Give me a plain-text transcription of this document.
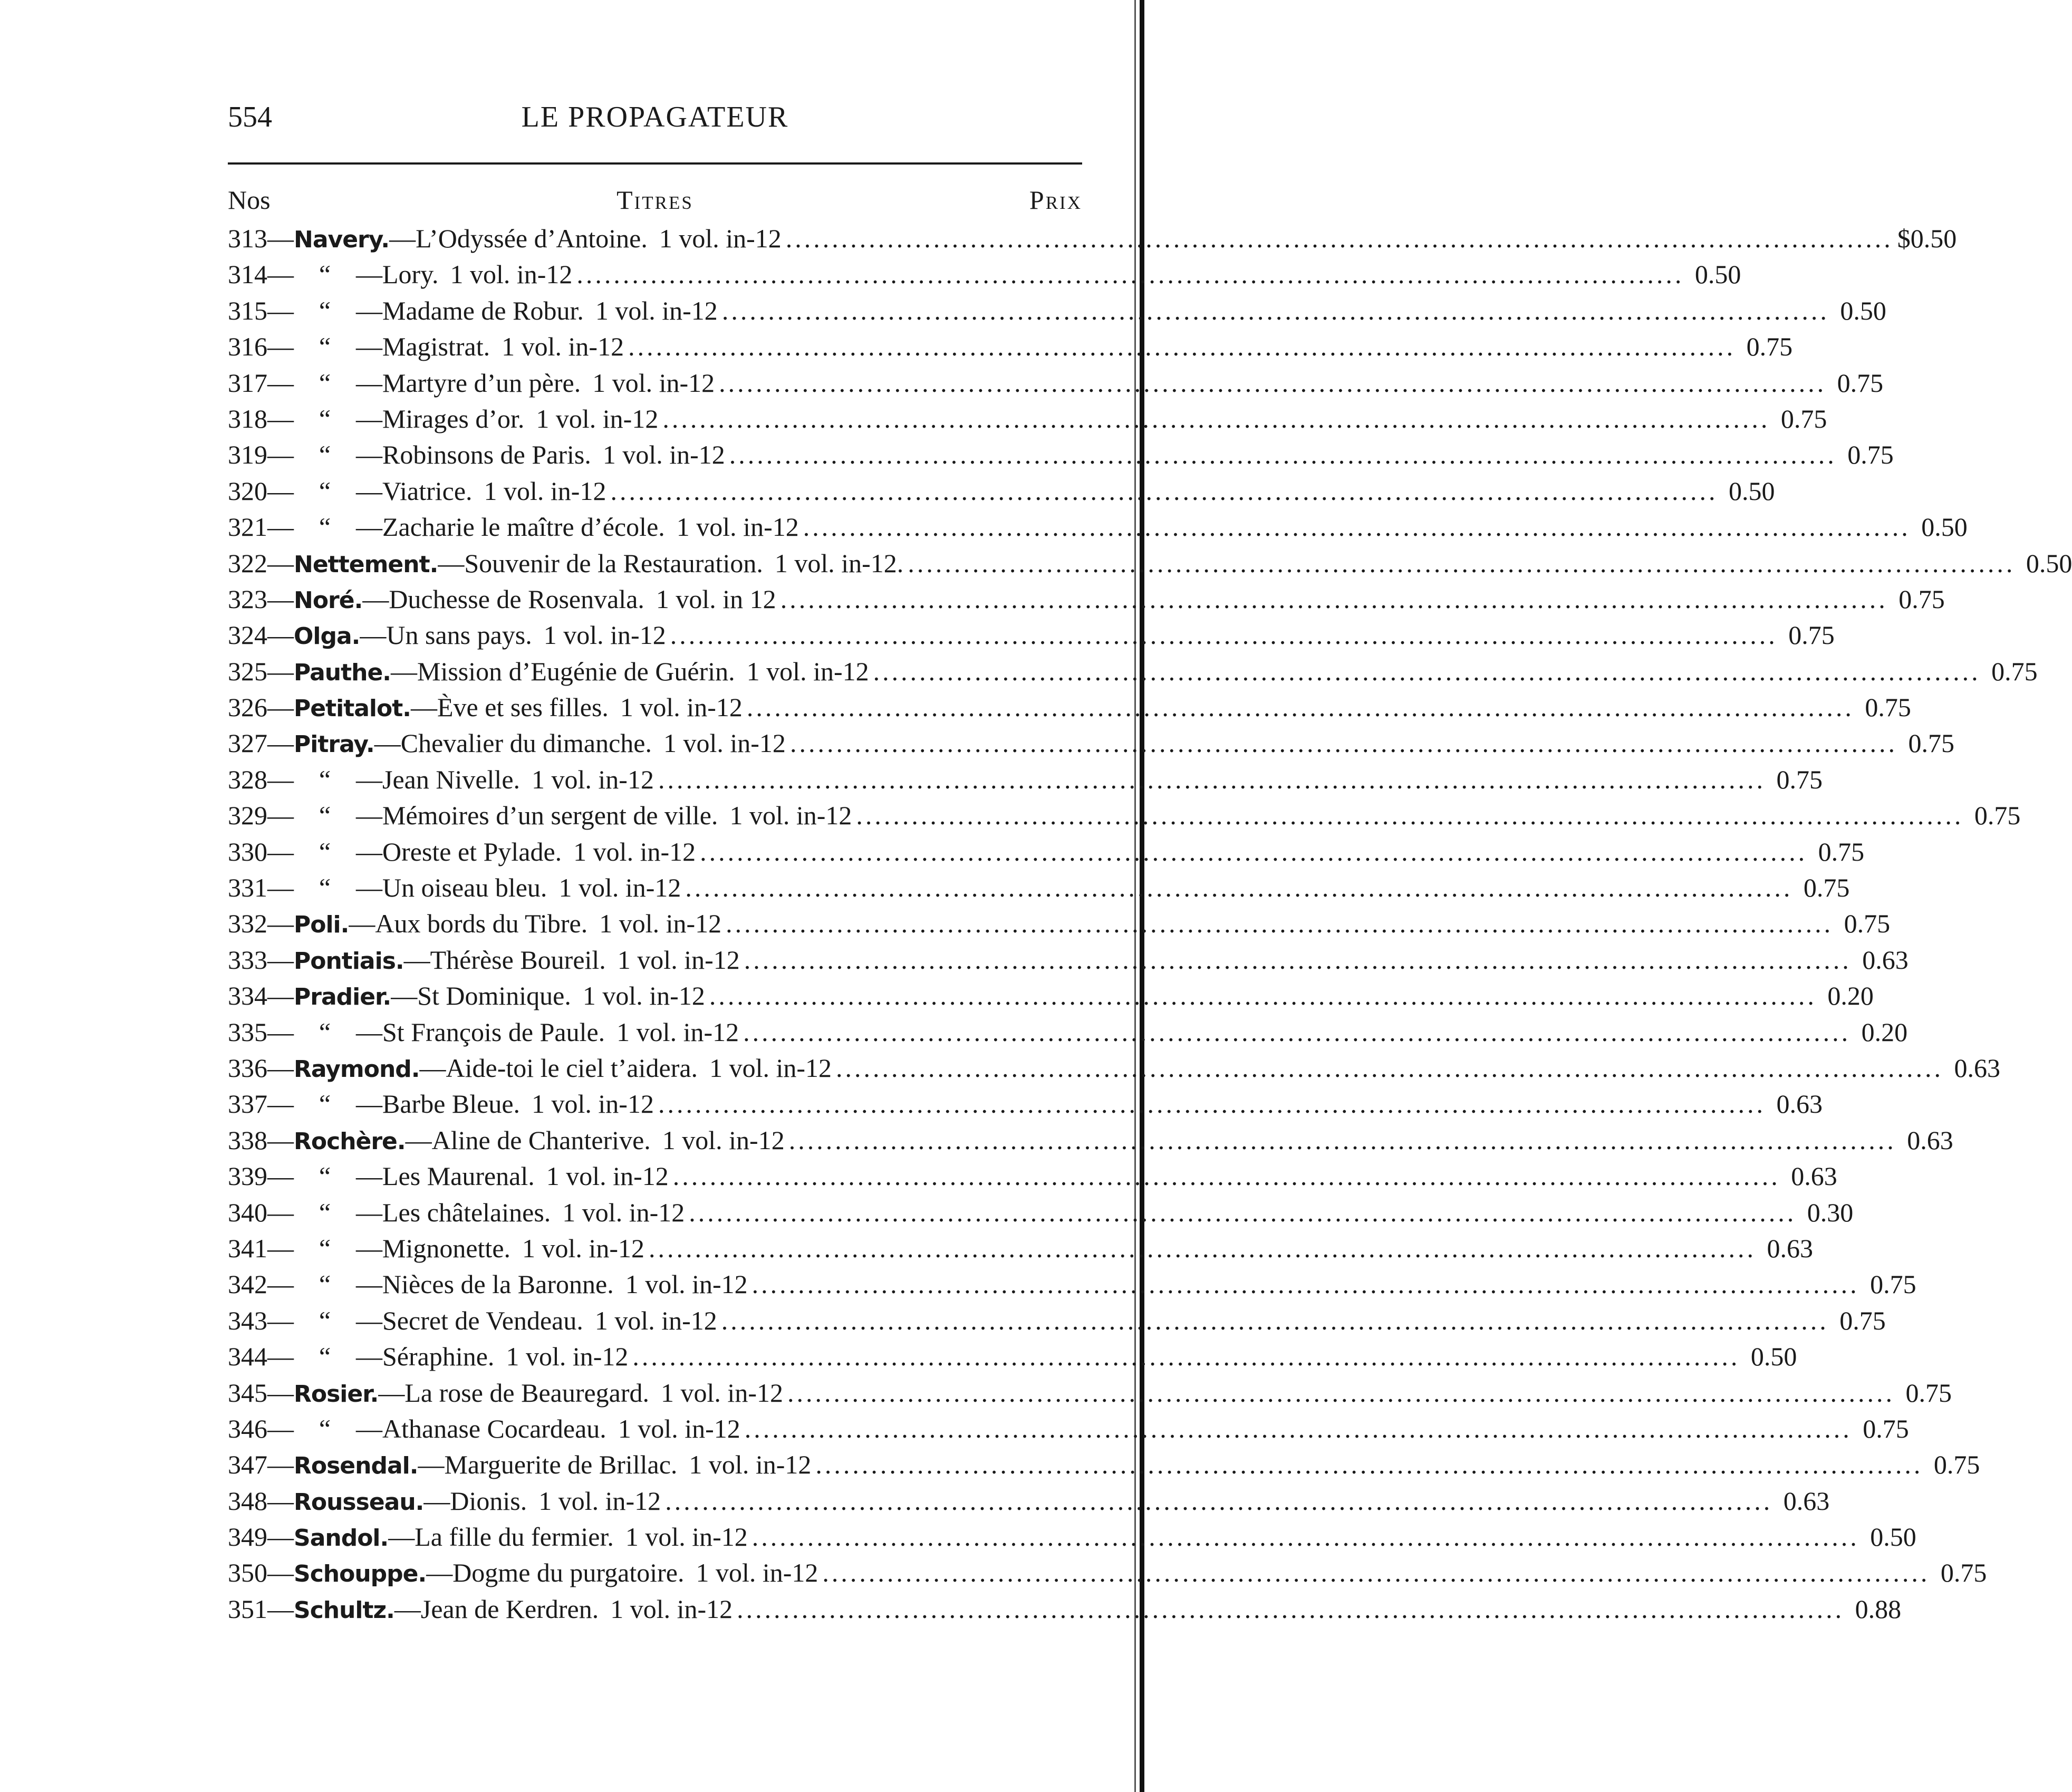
LE PROPAGATEUR
554
Titres
Nos	Prix
313 — Navery. — L’Odyssée d’Antoine. 1 vol. in-12 ........................................................................................................................ $0.50
314 — “ — Lory. 1 vol. in-12 ........................................................................................................................ 0.50
315 — “ — Madame de Robur. 1 vol. in-12 ........................................................................................................................ 0.50
316 — “ — Magistrat. 1 vol. in-12 ........................................................................................................................ 0.75
317 — “ — Martyre d’un père. 1 vol. in-12 ........................................................................................................................ 0.75
318 — “ — Mirages d’or. 1 vol. in-12 ........................................................................................................................ 0.75
319 — “ — Robinsons de Paris. 1 vol. in-12 ........................................................................................................................ 0.75
320 — “ — Viatrice. 1 vol. in-12 ........................................................................................................................ 0.50
321 — “ — Zacharie le maître d’école. 1 vol. in-12 ........................................................................................................................ 0.50
322 — Nettement. — Souvenir de la Restauration. 1 vol. in-12. ........................................................................................................................ 0.50
323 — Noré. — Duchesse de Rosenvala. 1 vol. in 12 ........................................................................................................................ 0.75
324 — Olga. — Un sans pays. 1 vol. in-12 ........................................................................................................................ 0.75
325 — Pauthe. — Mission d’Eugénie de Guérin. 1 vol. in-12 ........................................................................................................................ 0.75
326 — Petitalot. — Ève et ses filles. 1 vol. in-12 ........................................................................................................................ 0.75
327 — Pitray. — Chevalier du dimanche. 1 vol. in-12 ........................................................................................................................ 0.75
328 — “ — Jean Nivelle. 1 vol. in-12 ........................................................................................................................ 0.75
329 — “ — Mémoires d’un sergent de ville. 1 vol. in-12 ........................................................................................................................ 0.75
330 — “ — Oreste et Pylade. 1 vol. in-12 ........................................................................................................................ 0.75
331 — “ — Un oiseau bleu. 1 vol. in-12 ........................................................................................................................ 0.75
332 — Poli. — Aux bords du Tibre. 1 vol. in-12 ........................................................................................................................ 0.75
333 — Pontiais. — Thérèse Boureil. 1 vol. in-12 ........................................................................................................................ 0.63
334 — Pradier. — St Dominique. 1 vol. in-12 ........................................................................................................................ 0.20
335 — “ — St François de Paule. 1 vol. in-12 ........................................................................................................................ 0.20
336 — Raymond. — Aide-toi le ciel t’aidera. 1 vol. in-12 ........................................................................................................................ 0.63
337 — “ — Barbe Bleue. 1 vol. in-12 ........................................................................................................................ 0.63
338 — Rochère. — Aline de Chanterive. 1 vol. in-12 ........................................................................................................................ 0.63
339 — “ — Les Maurenal. 1 vol. in-12 ........................................................................................................................ 0.63
340 — “ — Les châtelaines. 1 vol. in-12 ........................................................................................................................ 0.30
341 — “ — Mignonette. 1 vol. in-12 ........................................................................................................................ 0.63
342 — “ — Nièces de la Baronne. 1 vol. in-12 ........................................................................................................................ 0.75
343 — “ — Secret de Vendeau. 1 vol. in-12 ........................................................................................................................ 0.75
344 — “ — Séraphine. 1 vol. in-12 ........................................................................................................................ 0.50
345 — Rosier. — La rose de Beauregard. 1 vol. in-12 ........................................................................................................................ 0.75
346 — “ — Athanase Cocardeau. 1 vol. in-12 ........................................................................................................................ 0.75
347 — Rosendal. — Marguerite de Brillac. 1 vol. in-12 ........................................................................................................................ 0.75
348 — Rousseau. — Dionis. 1 vol. in-12 ........................................................................................................................ 0.63
349 — Sandol. — La fille du fermier. 1 vol. in-12 ........................................................................................................................ 0.50
350 — Schouppe. — Dogme du purgatoire. 1 vol. in-12 ........................................................................................................................ 0.75
351 — Schultz. — Jean de Kerdren. 1 vol. in-12 ........................................................................................................................ 0.88
